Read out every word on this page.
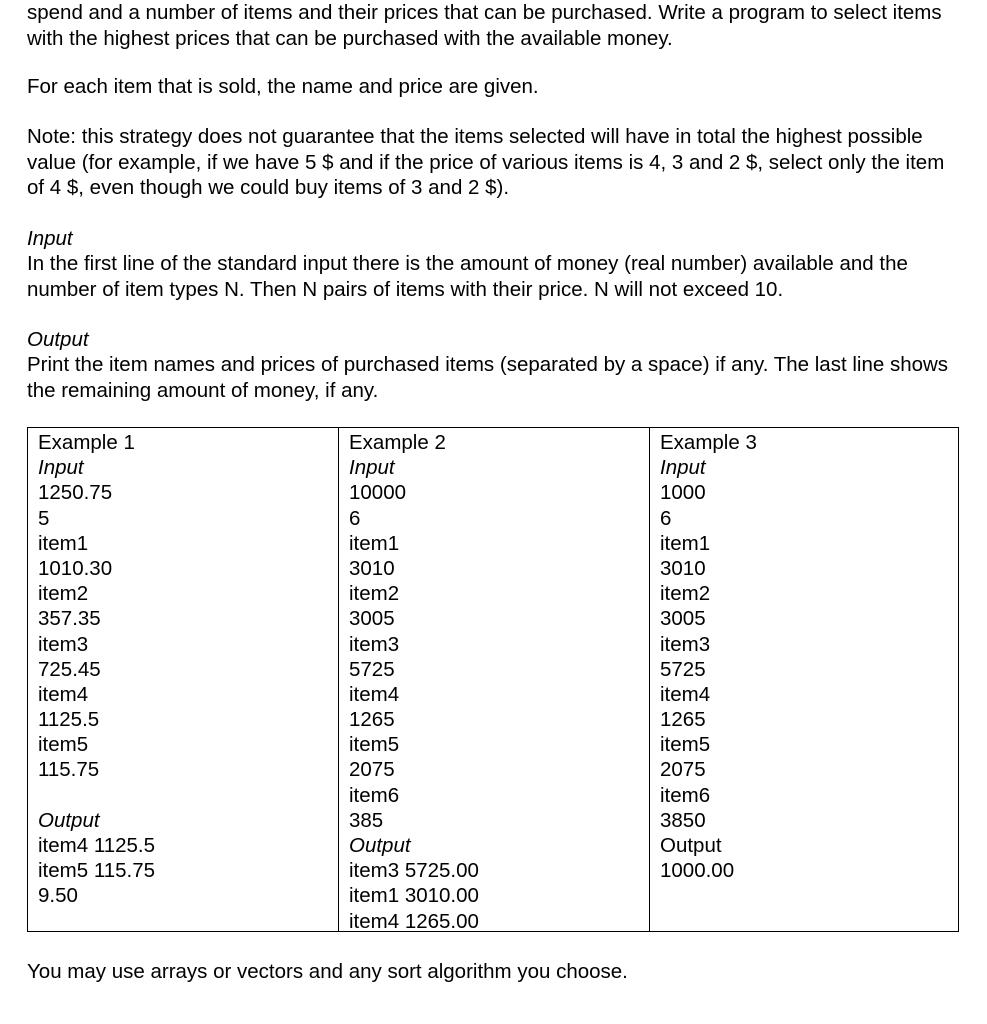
spend and a number of items and their prices that can be purchased. Write a program to select items with the highest prices that can be purchased with the available money.

For each item that is sold, the name and price are given.

Note: this strategy does not guarantee that the items selected will have in total the highest possible value (for example, if we have 5 $ and if the price of various items is 4, 3 and 2 $, select only the item of 4 $, even though we could buy items of 3 and 2 $).

Input

In the first line of the standard input there is the amount of money (real number) available and the number of item types N. Then N pairs of items with their price. N will not exceed 10.

Output

Print the item names and prices of purchased items (separated by a space) if any. The last line shows the remaining amount of money, if any.

You may use arrays or vectors and any sort algorithm you choose.

Example 1
Input
1250.75
5
item1
1010.30
item2
357.35
item3
725.45
item4
1125.5
item5
115.75
Output
item4 1125.5
item5 115.75
9.50
Example 2
Input
10000
6
item1
3010
item2
3005
item3
5725
item4
1265
item5
2075
item6
385
Output
item3 5725.00
item1 3010.00
item4 1265.00
Example 3
Input
1000
6
item1
3010
item2
3005
item3
5725
item4
1265
item5
2075
item6
3850
Output
1000.00
